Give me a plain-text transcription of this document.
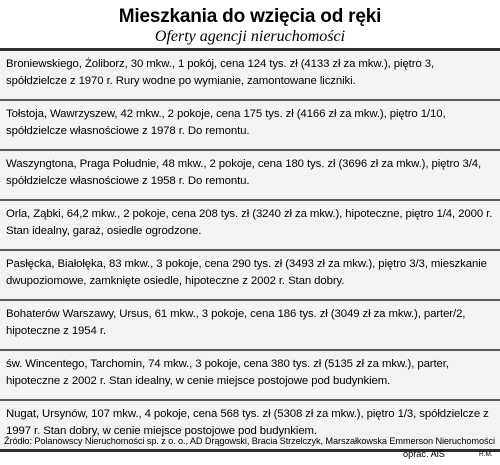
Mieszkania do wzięcia od ręki
Oferty agencji nieruchomości
Broniewskiego, Żoliborz, 30 mkw., 1 pokój, cena 124 tys. zł (4133 zł za mkw.), piętro 3, spółdzielcze z 1970 r. Rury wodne po wymianie, zamontowane liczniki.
Tołstoja, Wawrzyszew, 42 mkw., 2 pokoje, cena 175 tys. zł (4166 zł za mkw.), piętro 1/10, spółdzielcze własnościowe z 1978 r. Do remontu.
Waszyngtona, Praga Południe, 48 mkw., 2 pokoje, cena 180 tys. zł (3696 zł za mkw.), piętro 3/4, spółdzielcze własnościowe z 1958 r. Do remontu.
Orla, Ząbki, 64,2 mkw., 2 pokoje, cena 208 tys. zł (3240 zł za mkw.), hipoteczne, piętro 1/4, 2000 r. Stan idealny, garaż, osiedle ogrodzone.
Pasłęcka, Białołęka, 83 mkw., 3 pokoje, cena 290 tys. zł (3493 zł za mkw.), piętro 3/3, mieszkanie dwupoziomowe, zamknięte osiedle, hipoteczne z 2002 r. Stan dobry.
Bohaterów Warszawy, Ursus, 61 mkw., 3 pokoje, cena 186 tys. zł (3049 zł za mkw.), parter/2, hipoteczne z 1954 r.
św. Wincentego, Tarchomin, 74 mkw., 3 pokoje, cena 380 tys. zł (5135 zł za mkw.), parter, hipoteczne z 2002 r. Stan idealny, w cenie miejsce postojowe pod budynkiem.
Nugat, Ursynów, 107 mkw., 4 pokoje, cena 568 tys. zł (5308 zł za mkw.), piętro 1/3, spółdzielcze z 1997 r. Stan dobry, w cenie miejsce postojowe pod budynkiem.
Źródło: Polanowscy Nieruchomości sp. z o. o., AD Drągowski, Bracia Strzelczyk, Marszałkowska Emmerson Nieruchomości
oprac. AiS	R.M.
